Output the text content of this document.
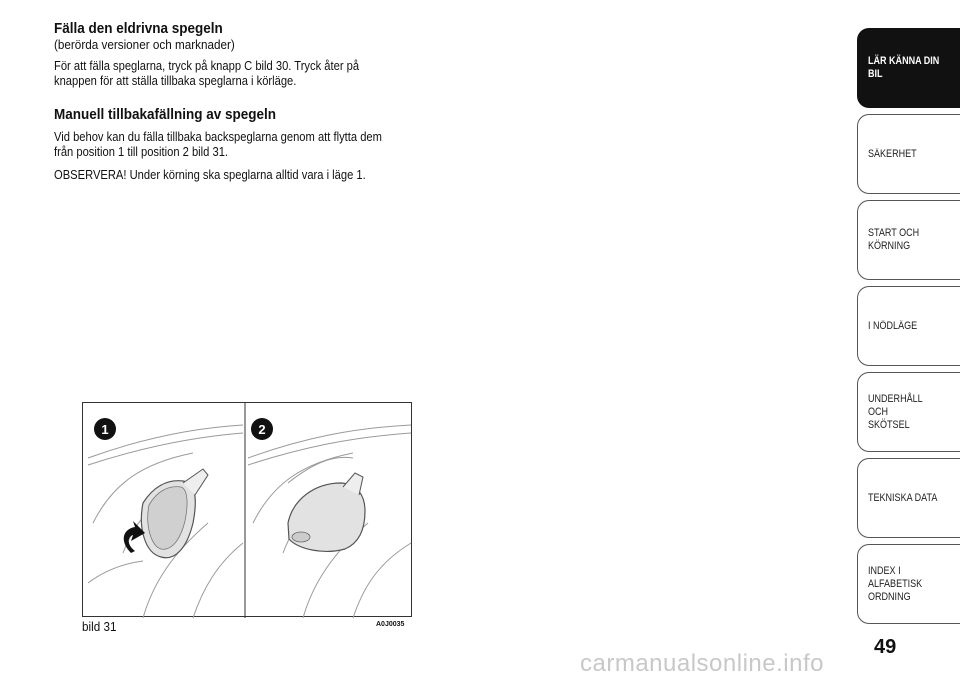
Fälla den eldrivna spegeln

(berörda versioner och marknader)

För att fälla speglarna, tryck på knapp C bild 30. Tryck åter på
knappen för att ställa tillbaka speglarna i körläge.

Manuell tillbakafällning av spegeln

Vid behov kan du fälla tillbaka backspeglarna genom att flytta dem
från position 1 till position 2 bild 31.

OBSERVERA! Under körning ska speglarna alltid vara i läge 1.

1	2
bild 31	A0J0035
LÄR KÄNNA DIN
BIL
SÄKERHET
START OCH
KÖRNING
I NÖDLÄGE
UNDERHÅLL OCH
SKÖTSEL
TEKNISKA DATA
INDEX I ALFABETISK
ORDNING
49
carmanualsonline.info
